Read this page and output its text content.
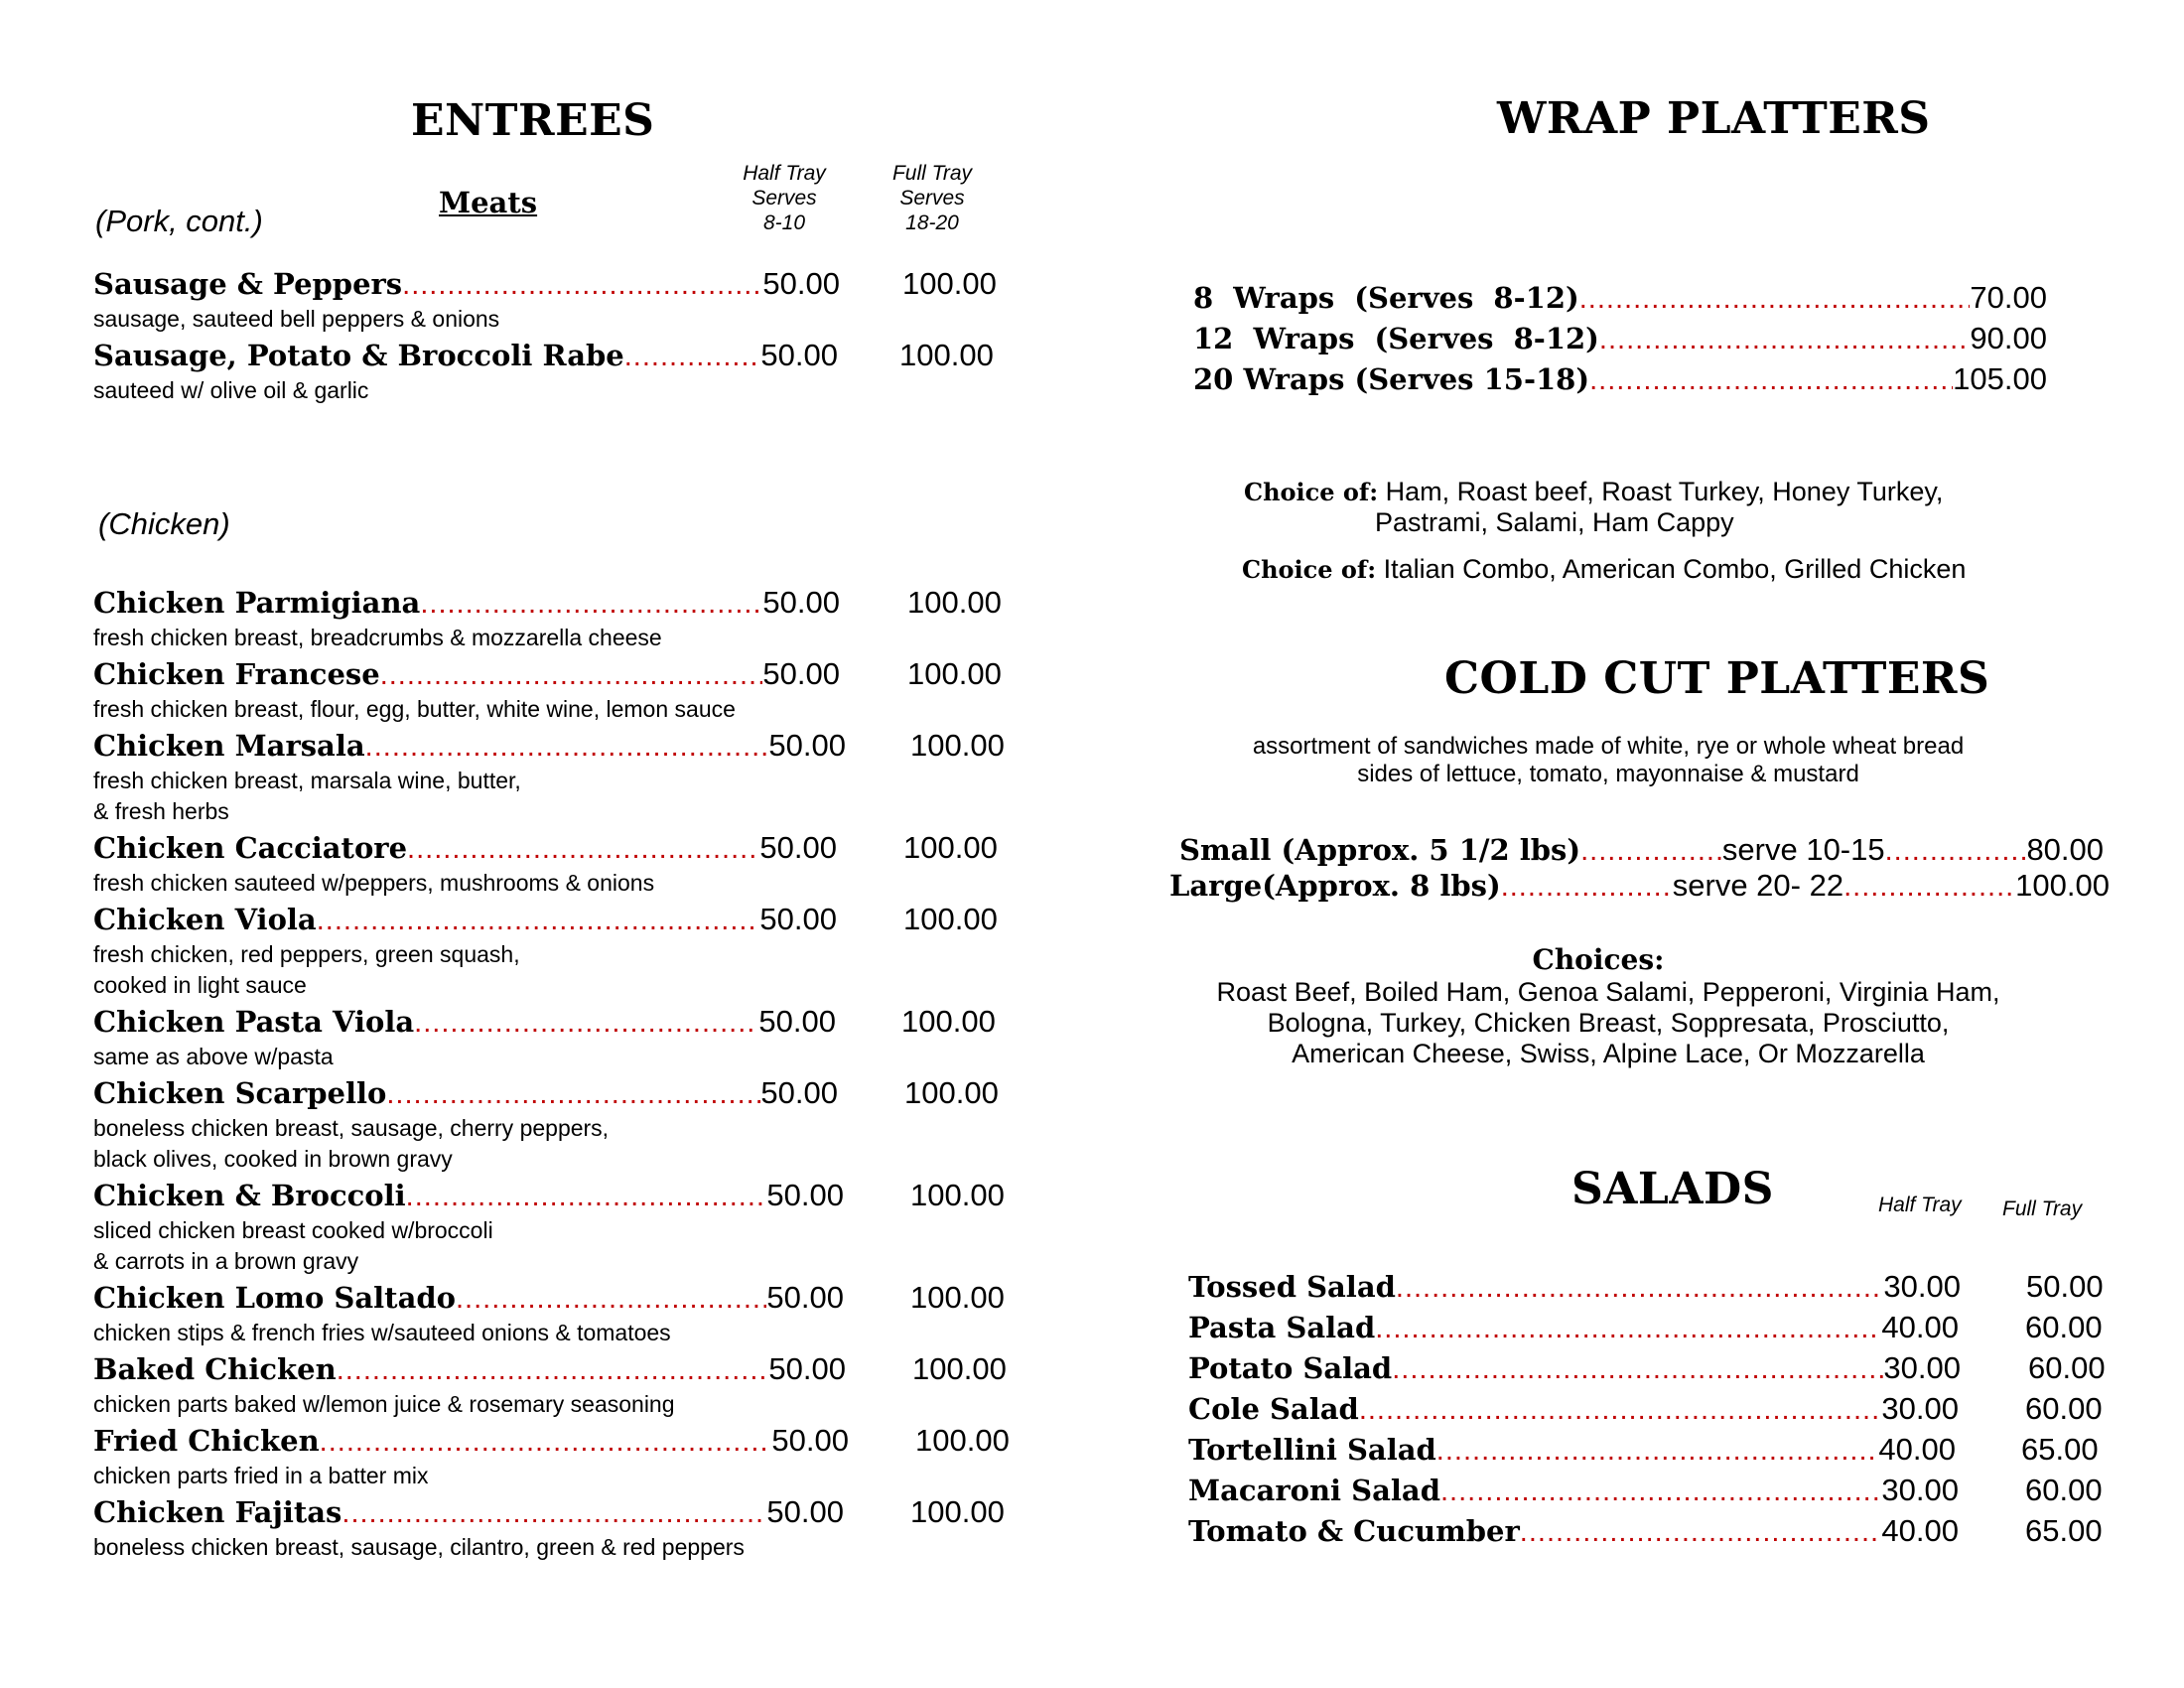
ENTREES
Meats
(Pork, cont.)
Half Tray
Serves
8-10
Full Tray
Serves
18-20
Sausage & Peppers .....	50.00 100.00
sausage, sauteed bell peppers & onions
Sausage, Potato & Broccoli Rabe .....	50.00 100.00
sauteed w/ olive oil & garlic
(Chicken)
Chicken Parmigiana .....	50.00 100.00
fresh chicken breast, breadcrumbs & mozzarella cheese
Chicken Francese .....	50.00 100.00
fresh chicken breast, flour, egg, butter, white wine, lemon sauce
Chicken Marsala .....	50.00 100.00
fresh chicken breast, marsala wine, butter,
& fresh herbs
Chicken Cacciatore .....	50.00 100.00
fresh chicken sauteed w/peppers, mushrooms & onions
Chicken Viola .....	50.00 100.00
fresh chicken, red peppers, green squash,
cooked in light sauce
Chicken Pasta Viola .....	50.00 100.00
same as above w/pasta
Chicken Scarpello .....	50.00 100.00
boneless chicken breast, sausage, cherry peppers,
black olives, cooked in brown gravy
Chicken & Broccoli .....	50.00 100.00
sliced chicken breast cooked w/broccoli
& carrots in a brown gravy
Chicken Lomo Saltado .....	50.00 100.00
chicken stips & french fries w/sauteed onions & tomatoes
Baked Chicken .....	50.00 100.00
chicken parts baked w/lemon juice & rosemary seasoning
Fried Chicken .....	50.00 100.00
chicken parts fried in a batter mix
Chicken Fajitas .....	50.00 100.00
boneless chicken breast, sausage, cilantro, green & red peppers
WRAP PLATTERS
8 Wraps (Serves 8-12) .....	70.00
12 Wraps (Serves 8-12) .....	90.00
20 Wraps (Serves 15-18) .....	105.00
Choice of: Ham, Roast beef, Roast Turkey, Honey Turkey,
Pastrami, Salami, Ham Cappy
Choice of: Italian Combo, American Combo, Grilled Chicken
COLD CUT PLATTERS
assortment of sandwiches made of white, rye or whole wheat bread
sides of lettuce, tomato, mayonnaise & mustard
Small (Approx. 5 1/2 lbs) .....	serve 10-15 .....	80.00
Large(Approx. 8 lbs) .....	serve 20- 22 .....	100.00
Choices:
Roast Beef, Boiled Ham, Genoa Salami, Pepperoni, Virginia Ham,
Bologna, Turkey, Chicken Breast, Soppresata, Prosciutto,
American Cheese, Swiss, Alpine Lace, Or Mozzarella
SALADS	Half Tray Full Tray
Tossed Salad .....	30.00 50.00
Pasta Salad .....	40.00 60.00
Potato Salad .....	30.00 60.00
Cole Salad .....	30.00 60.00
Tortellini Salad .....	40.00 65.00
Macaroni Salad .....	30.00 60.00
Tomato & Cucumber .....	40.00 65.00
